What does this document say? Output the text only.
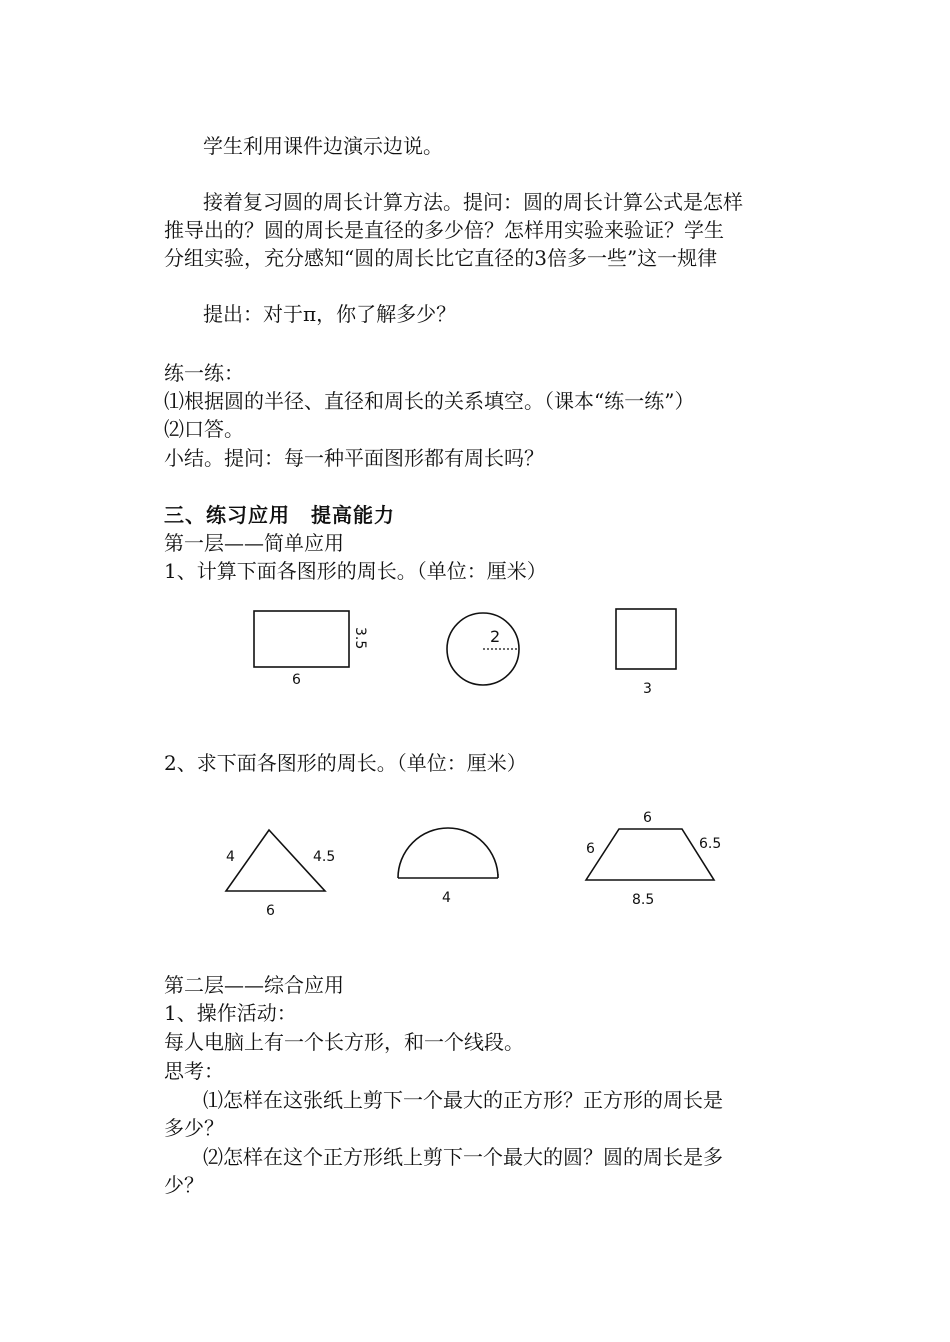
学生利用课件边演示边说。
接着复习圆的周长计算方法。提问：圆的周长计算公式是怎样
推导出的？圆的周长是直径的多少倍？怎样用实验来验证？学生
分组实验，充分感知“圆的周长比它直径的3倍多一些”这一规律
提出：对于π，你了解多少？
练一练：
⑴根据圆的半径、直径和周长的关系填空。（课本“练一练”）
⑵口答。
小结。提问：每一种平面图形都有周长吗？
三、练习应用　提高能力
第一层——简单应用
1、计算下面各图形的周长。（单位：厘米）
6
3.5	2
3
2、求下面各图形的周长。（单位：厘米）
4	4.5
6
4
6
6	6.5
8.5
第二层——综合应用
1、操作活动：
每人电脑上有一个长方形，和一个线段。
思考：
⑴怎样在这张纸上剪下一个最大的正方形？正方形的周长是
多少？
⑵怎样在这个正方形纸上剪下一个最大的圆？圆的周长是多
少？
